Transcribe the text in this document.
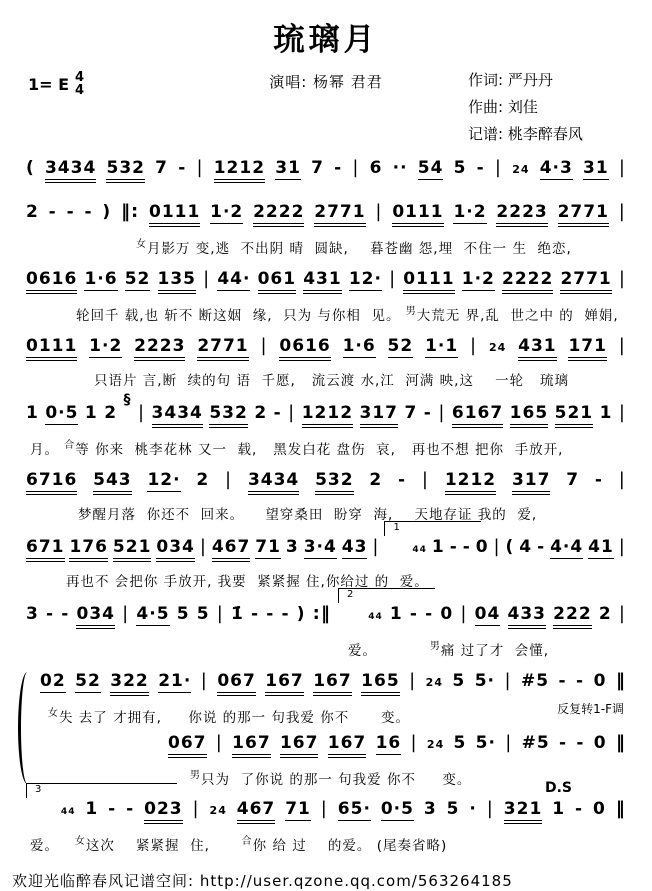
琉璃月
1= E 4
4	演唱: 杨幂 君君	作词: 严丹丹
作曲: 刘佳
记谱: 桃李醉春风
( 3434 532 7 - | 1212 31 7 - | 6 ·· 54 5 - | 24 4·3 31 |
2 - - - ) ‖: 0111 1·2 2222 2771 | 0111 1·2 2223 2771 |
$^女$月影万 变,逃  不出阴 晴  圆缺,    暮苍幽 怨,埋  不住一 生  绝恋,
0616 1·6 52 135 | 44· 061 431 12· | 0111 1·2 2222 2771 |
轮回千 载,也 斩不 断这姻  缘,  只为 与你相  见。 $^男$大荒无 界,乱  世之中 的  婵娟,
0111 1·2 2223 2771 | 0616 1·6 52 1·1 | 24 431 171 |
只语片 言,断  续的句 语  千愿,   流云渡 水,江  河满 映,这    一轮   琉璃
1 0·5 1 2
§
| 3434 532 2 - | 1212 317 7 - | 6167 165 521 1 |
月。 $^合$等 你来  桃李花林 又一  载,   黑发白花 盘伤  哀,   再也不想 把你  手放开,
6716 543 12· 2 | 3434 532 2 - | 1212 317 7 - |
梦醒月落  你还不  回来。    望穿桑田  盼穿  海,    天地存证 我的  爱,
671 176 521 034 | 467 71 3 3·4 43 |
1
44 1 - - 0 | ( 4 - 4·4 41 |
再也不 会把你 手放开, 我要  紧紧握 住,你给过 的  爱。
3 - - 034 | 4·5 5 5 | 1̇ - - - ) :‖
2
44 1 - - 0 | 04 433 222 2 |
爱。          $^男$痛 过了才  会懂,
02 52 322 21· | 067 167 167 165 | 24 5 5· | #5 - - 0 ‖
$^女$失 去了 才拥有,     你说 的那一 句我爱 你不      变。
067 | 167 167 167 16 | 24 5 5· | #5 - - 0 ‖
$^男$只为  了你说 的那一 句我爱 你不     变。
反复转1-F调
D.S
3
44 1 - - 023 | 24 467 71 | 65· 0·5 3 5 · | 321 1 - 0 ‖
爱。   $^女$这次    紧紧握  住,      $^合$你 给 过    的爱。 (尾奏省略)
欢迎光临醉春风记谱空间: http://user.qzone.qq.com/563264185
